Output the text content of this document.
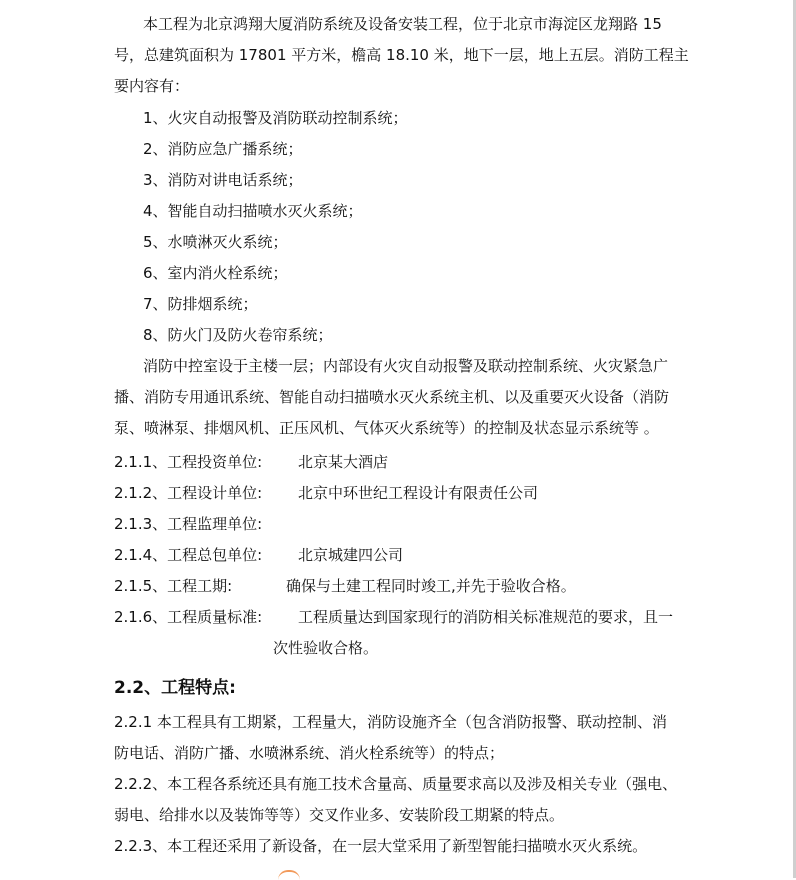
本工程为北京鸿翔大厦消防系统及设备安装工程，位于北京市海淀区龙翔路 15
号，总建筑面积为 17801 平方米，檐高 18.10 米，地下一层，地上五层。消防工程主
要内容有：
1、火灾自动报警及消防联动控制系统；
2、消防应急广播系统；
3、消防对讲电话系统；
4、智能自动扫描喷水灭火系统；
5、水喷淋灭火系统；
6、室内消火栓系统；
7、防排烟系统；
8、防火门及防火卷帘系统；
消防中控室设于主楼一层；内部设有火灾自动报警及联动控制系统、火灾紧急广
播、消防专用通讯系统、智能自动扫描喷水灭火系统主机、以及重要灭火设备（消防
泵、喷淋泵、排烟风机、正压风机、气体灭火系统等）的控制及状态显示系统等 。
2.1.1、工程投资单位: 北京某大酒店
2.1.2、工程设计单位: 北京中环世纪工程设计有限责任公司
2.1.3、工程监理单位:
2.1.4、工程总包单位: 北京城建四公司
2.1.5、工程工期:	确保与土建工程同时竣工,并先于验收合格。
2.1.6、工程质量标准: 工程质量达到国家现行的消防相关标准规范的要求，且一
次性验收合格。
2.2、工程特点:
2.2.1 本工程具有工期紧，工程量大，消防设施齐全（包含消防报警、联动控制、消
防电话、消防广播、水喷淋系统、消火栓系统等）的特点；
2.2.2、本工程各系统还具有施工技术含量高、质量要求高以及涉及相关专业（强电、
弱电、给排水以及装饰等等）交叉作业多、安装阶段工期紧的特点。
2.2.3、本工程还采用了新设备，在一层大堂采用了新型智能扫描喷水灭火系统。
